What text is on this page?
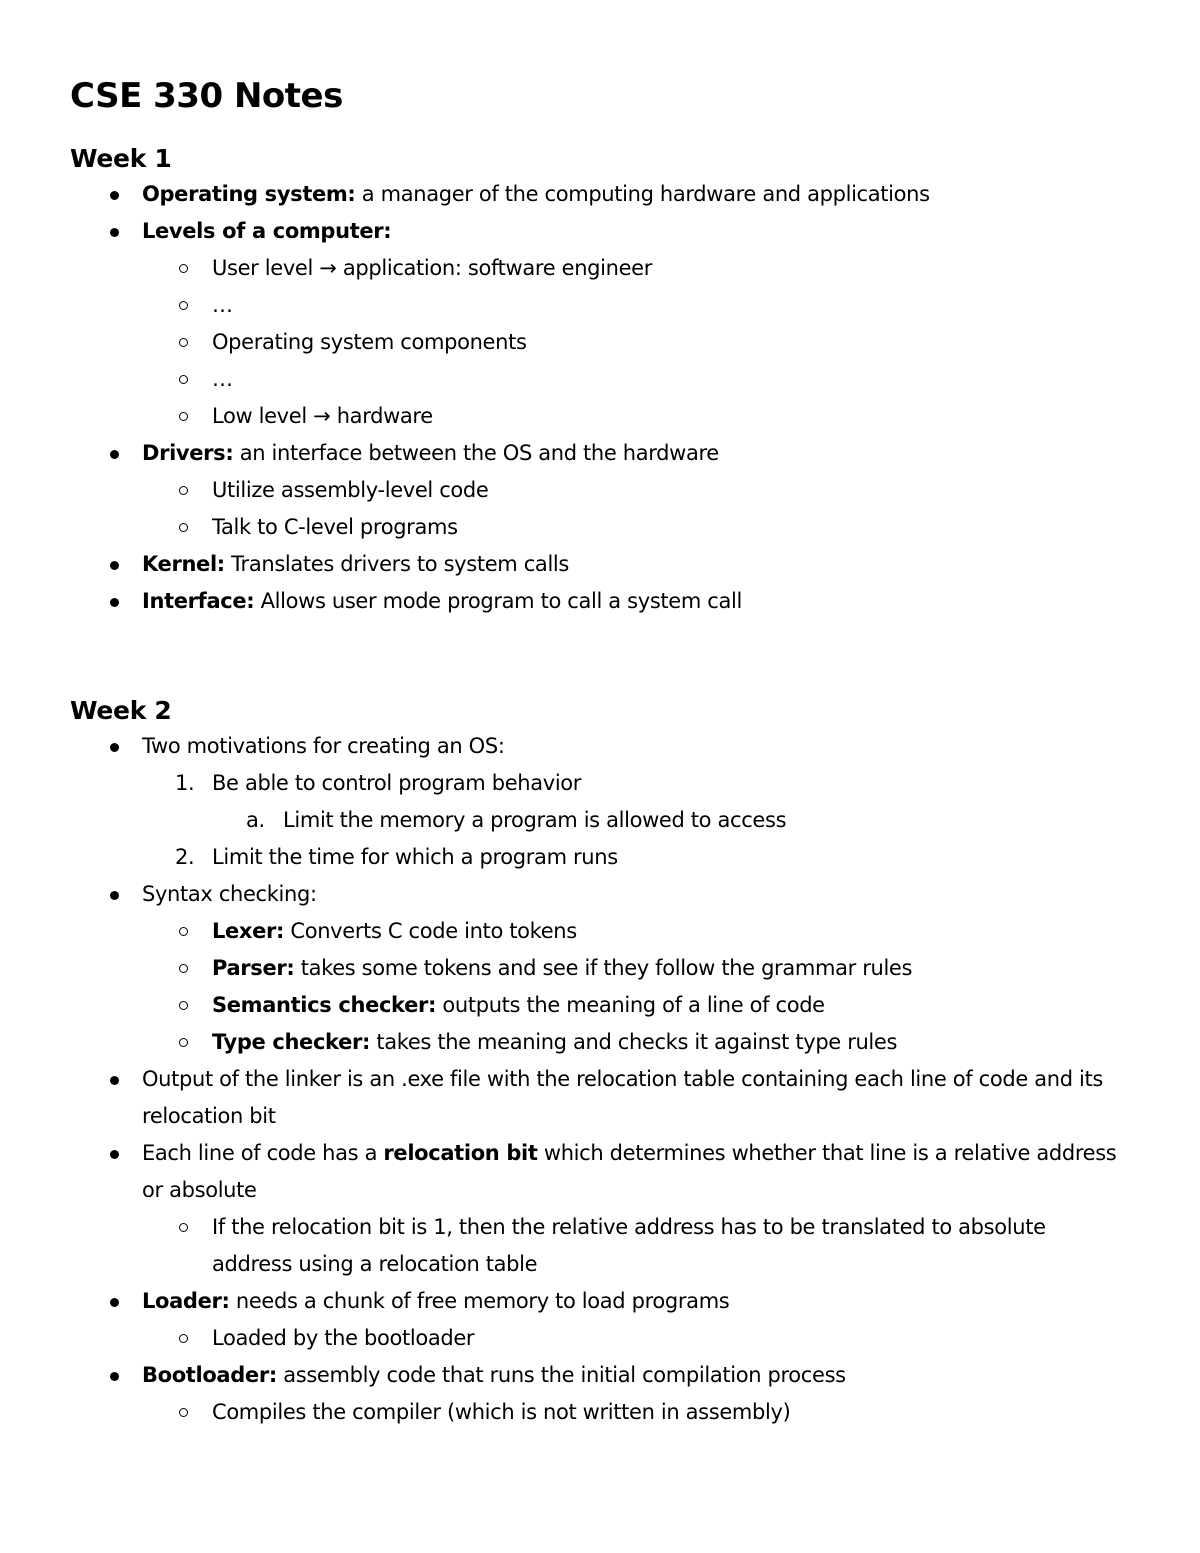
CSE 330 Notes
Week 1
Operating system: a manager of the computing hardware and applications
Levels of a computer:
User level → application: software engineer
…
Operating system components
…
Low level → hardware
Drivers: an interface between the OS and the hardware
Utilize assembly-level code
Talk to C-level programs
Kernel: Translates drivers to system calls
Interface: Allows user mode program to call a system call
Week 2
Two motivations for creating an OS:
1. Be able to control program behavior
a. Limit the memory a program is allowed to access
2. Limit the time for which a program runs
Syntax checking:
Lexer: Converts C code into tokens
Parser: takes some tokens and see if they follow the grammar rules
Semantics checker: outputs the meaning of a line of code
Type checker: takes the meaning and checks it against type rules
Output of the linker is an .exe file with the relocation table containing each line of code and its relocation bit
Each line of code has a relocation bit which determines whether that line is a relative address or absolute
If the relocation bit is 1, then the relative address has to be translated to absolute address using a relocation table
Loader: needs a chunk of free memory to load programs
Loaded by the bootloader
Bootloader: assembly code that runs the initial compilation process
Compiles the compiler (which is not written in assembly)
